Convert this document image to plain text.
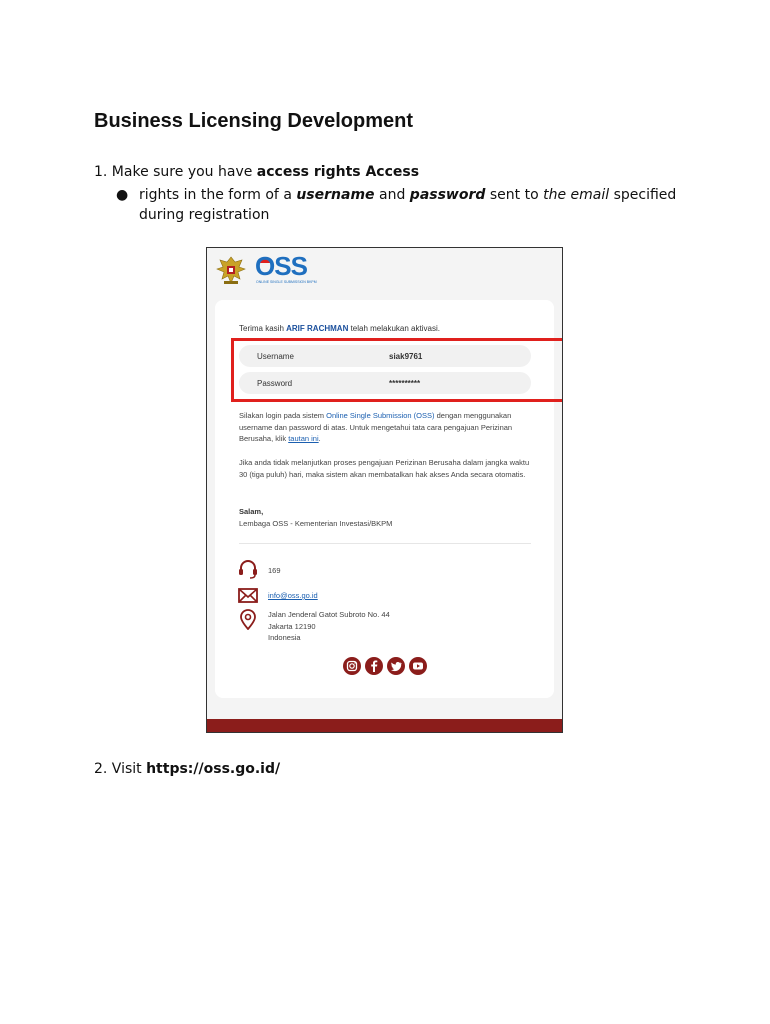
Business Licensing Development
1. Make sure you have access rights Access
● rights in the form of a username and password sent to the email specified during registration
OSS
ONLINE SINGLE SUBMISSION BKPM
Terima kasih ARIF RACHMAN telah melakukan aktivasi.
Username	siak9761
Password	**********
Silakan login pada sistem Online Single Submission (OSS) dengan menggunakan username dan password di atas. Untuk mengetahui tata cara pengajuan Perizinan Berusaha, klik tautan ini.
Jika anda tidak melanjutkan proses pengajuan Perizinan Berusaha dalam jangka waktu 30 (tiga puluh) hari, maka sistem akan membatalkan hak akses Anda secara otomatis.
Salam,
Lembaga OSS - Kementerian Investasi/BKPM
169
info@oss.go.id
Jalan Jenderal Gatot Subroto No. 44
Jakarta 12190
Indonesia
2. Visit https://oss.go.id/
